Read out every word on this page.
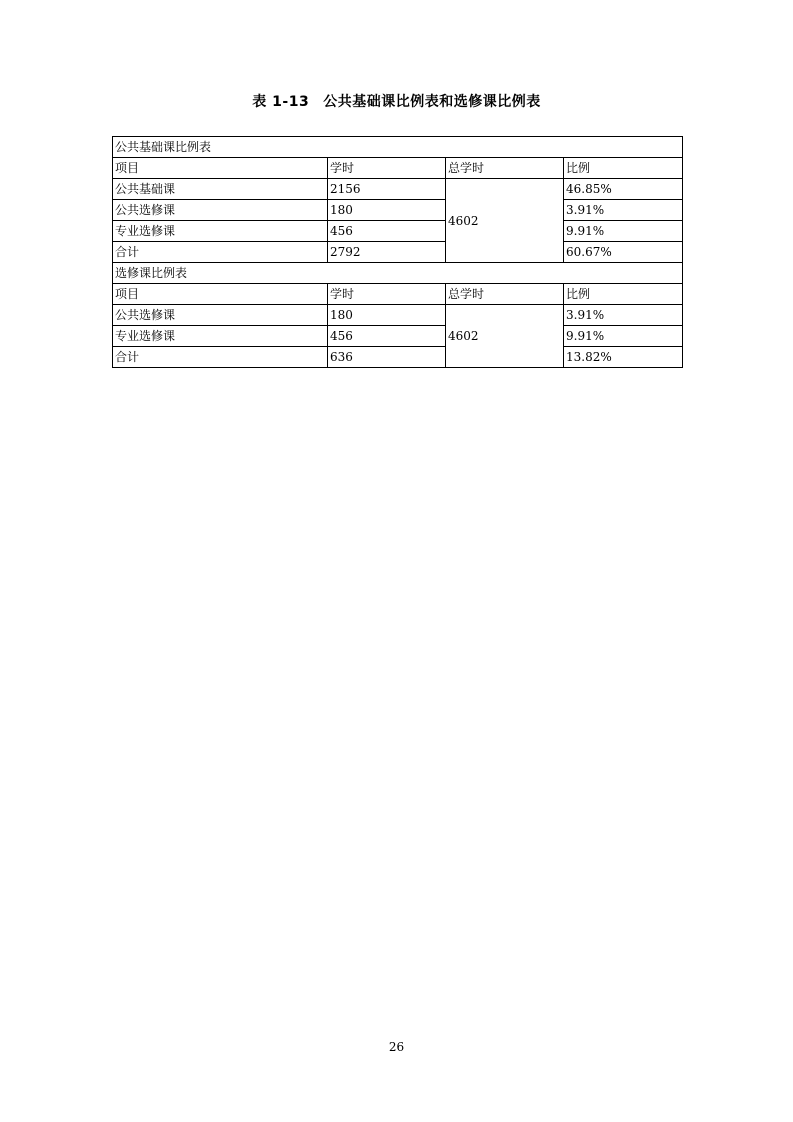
表 1-13 公共基础课比例表和选修课比例表
公共基础课比例表			
项目	学时	总学时	比例
公共基础课	2156	4602	46.85%
公共选修课	180		3.91%
专业选修课	456		9.91%
合计	2792		60.67%
选修课比例表			
项目	学时	总学时	比例
公共选修课	180	4602	3.91%
专业选修课	456		9.91%
合计	636		13.82%
26
